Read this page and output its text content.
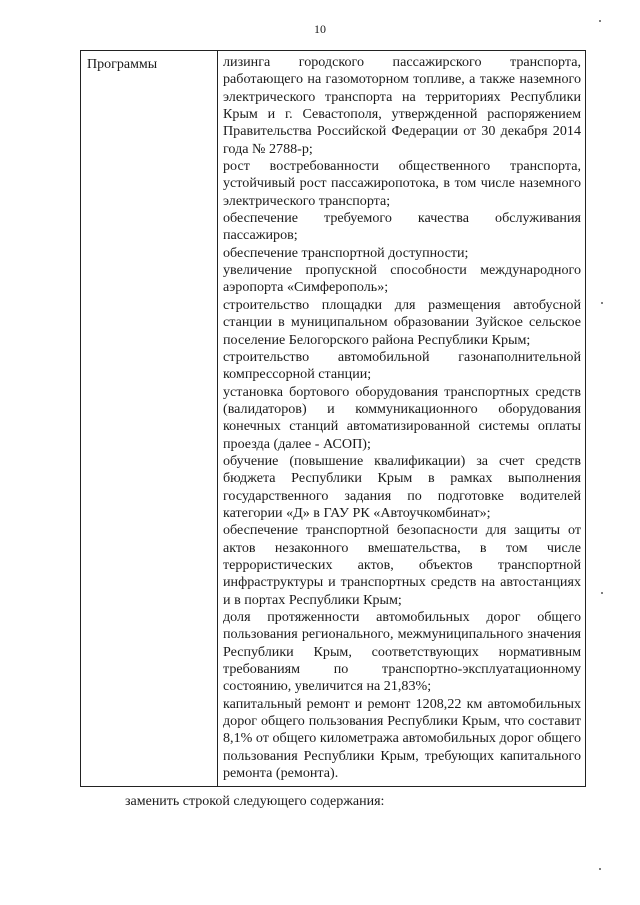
10
Программы	лизинга городского пассажирского транспорта, работающего на газомоторном топливе, а также наземного электрического транспорта на территориях Республики Крым и г. Севастополя, утвержденной распоряжением Правительства Российской Федерации от 30 декабря 2014 года № 2788-р;

рост востребованности общественного транспорта, устойчивый рост пассажиропотока, в том числе наземного электрического транспорта;

обеспечение требуемого качества обслуживания пассажиров;

обеспечение транспортной доступности;

увеличение пропускной способности международного аэропорта «Симферополь»;

строительство площадки для размещения автобусной станции в муниципальном образовании Зуйское сельское поселение Белогорского района Республики Крым;

строительство автомобильной газонаполнительной компрессорной станции;

установка бортового оборудования транспортных средств (валидаторов) и коммуникационного оборудования конечных станций автоматизированной системы оплаты проезда (далее - АСОП);

обучение (повышение квалификации) за счет средств бюджета Республики Крым в рамках выполнения государственного задания по подготовке водителей категории «Д» в ГАУ РК «Автоучкомбинат»;

обеспечение транспортной безопасности для защиты от актов незаконного вмешательства, в том числе террористических актов, объектов транспортной инфраструктуры и транспортных средств на автостанциях и в портах Республики Крым;

доля протяженности автомобильных дорог общего пользования регионального, межмуниципального значения Республики Крым, соответствующих нормативным требованиям по транспортно-эксплуатационному состоянию, увеличится на 21,83%;

капитальный ремонт и ремонт 1208,22 км автомобильных дорог общего пользования Республики Крым, что составит 8,1% от общего километража автомобильных дорог общего пользования Республики Крым, требующих капитального ремонта (ремонта).

заменить строкой следующего содержания:
